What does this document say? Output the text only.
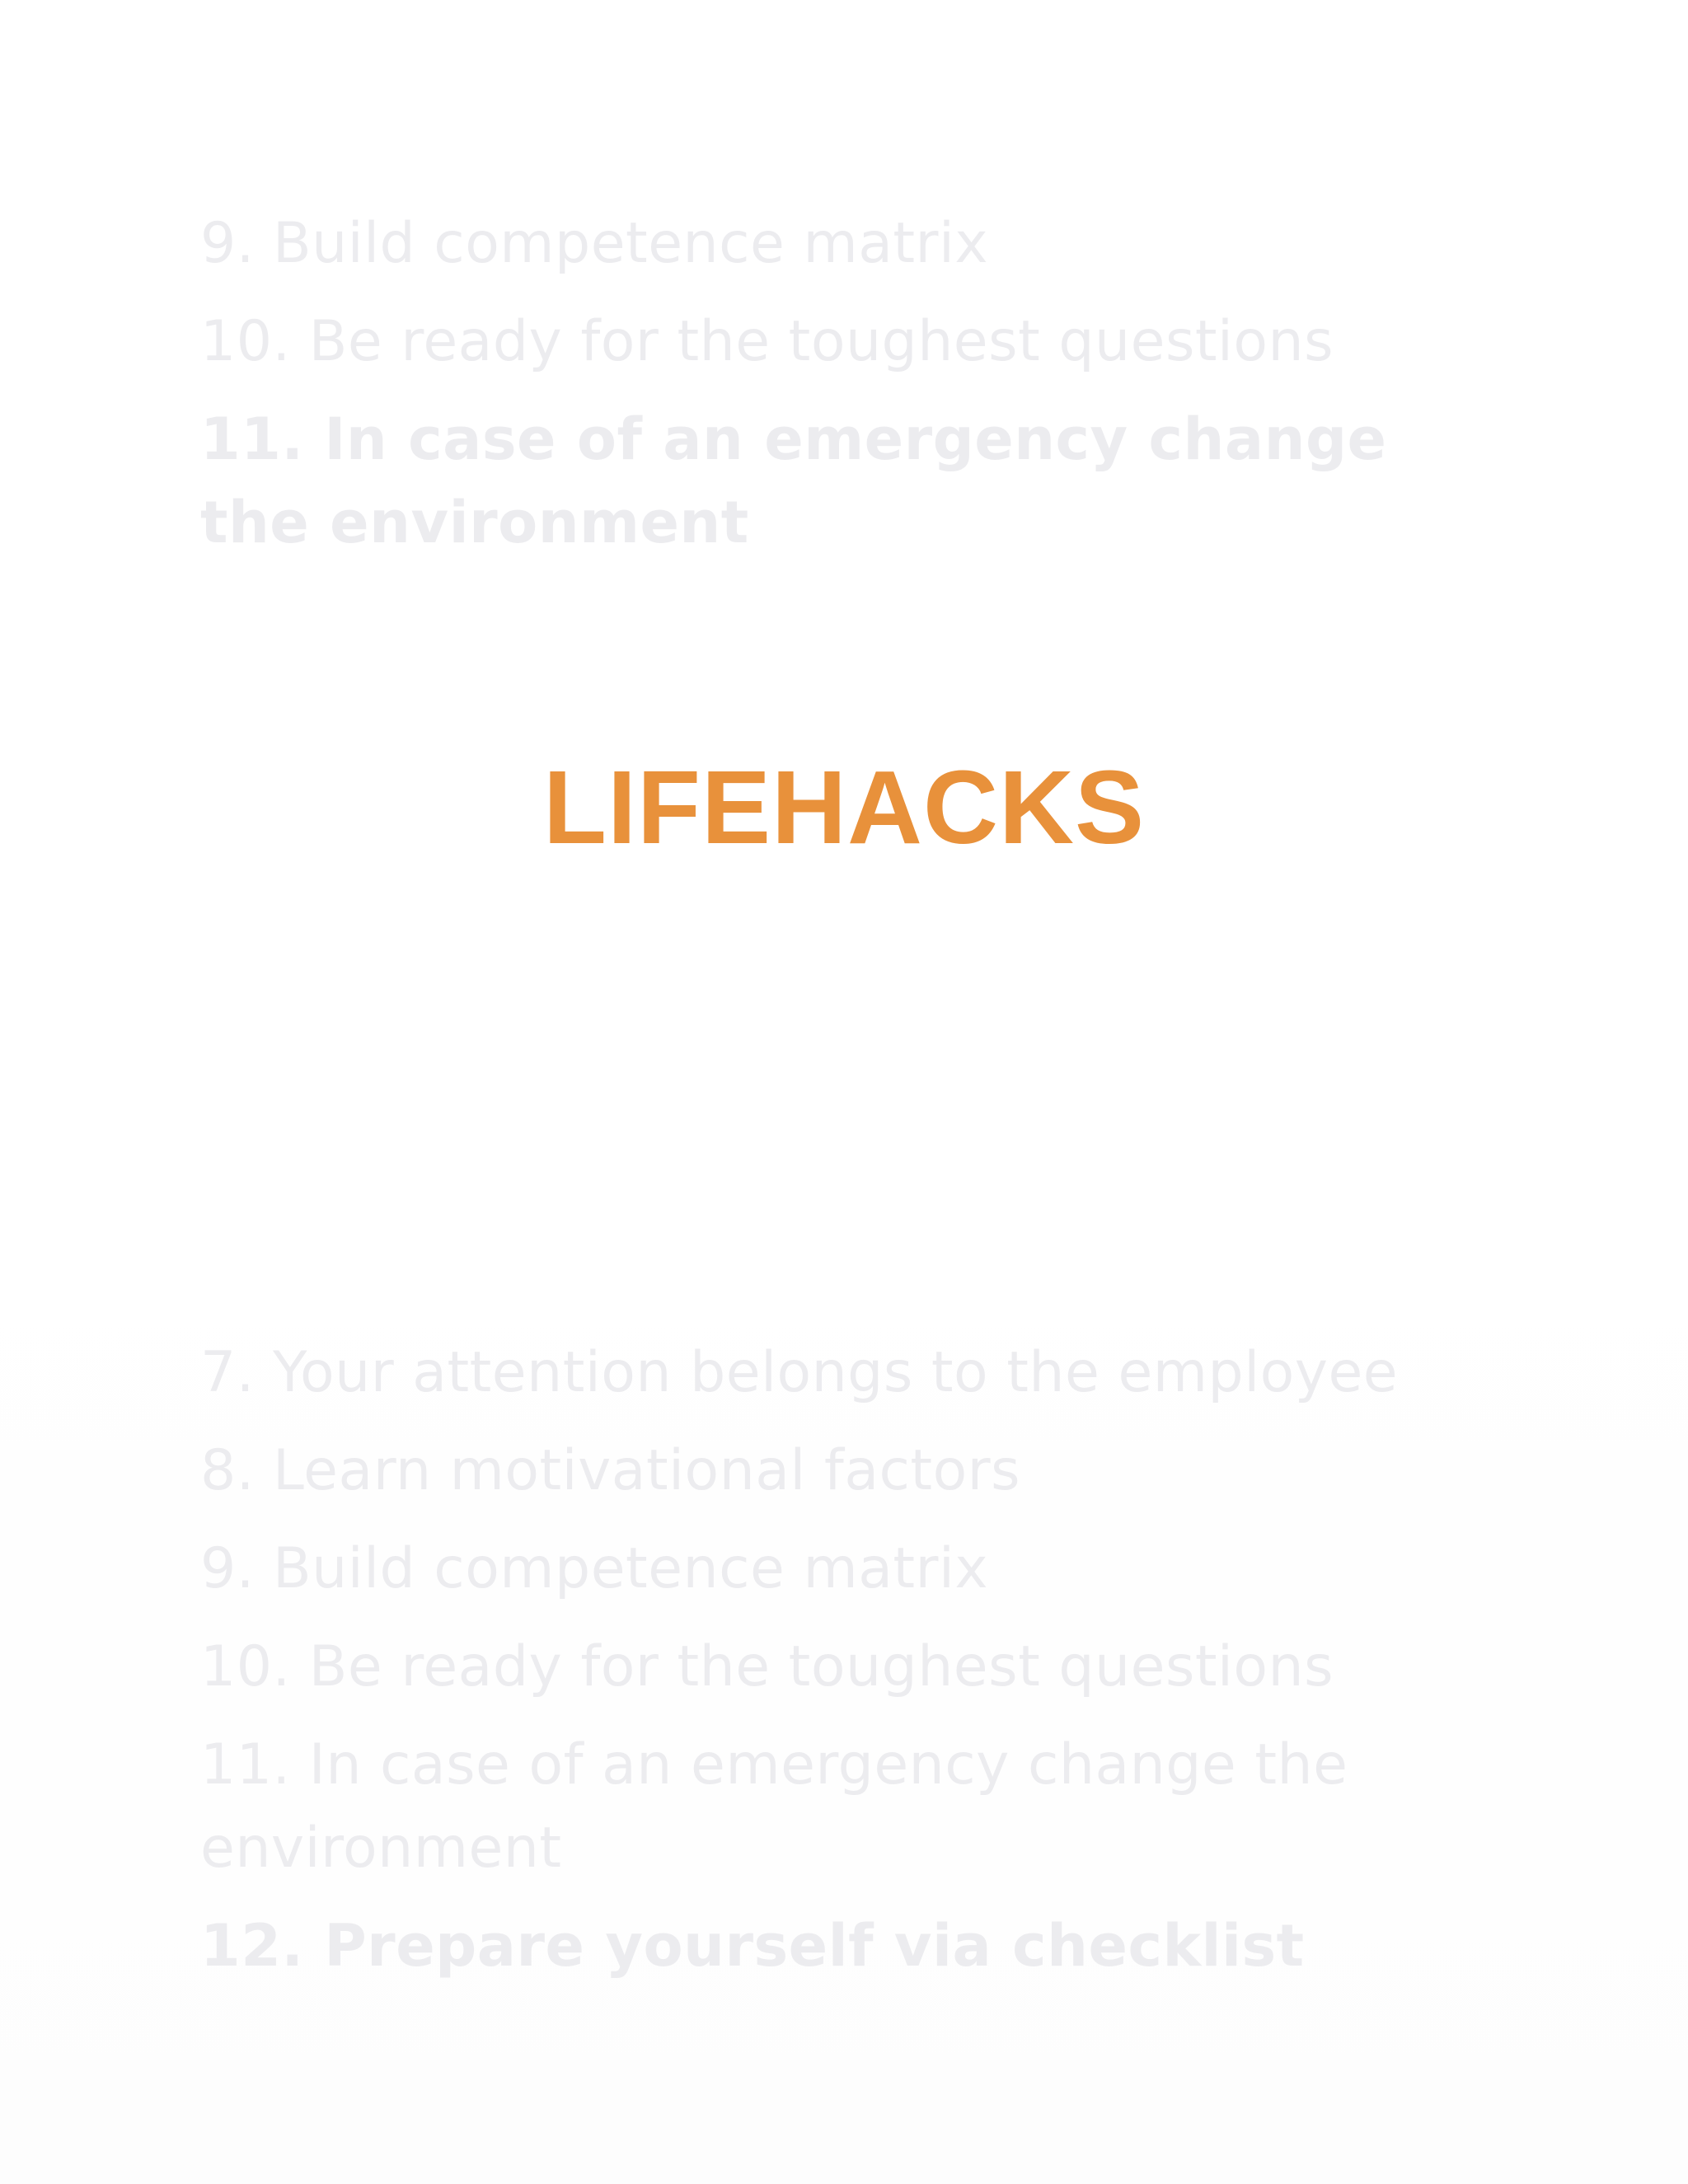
9. Build competence matrix
10. Be ready for the toughest questions
11. In case of an emergency change the environment
LIFEHACKS
7. Your attention belongs to the employee
8. Learn motivational factors
9. Build competence matrix
10. Be ready for the toughest questions
11. In case of an emergency change the environment
12. Prepare yourself via checklist
